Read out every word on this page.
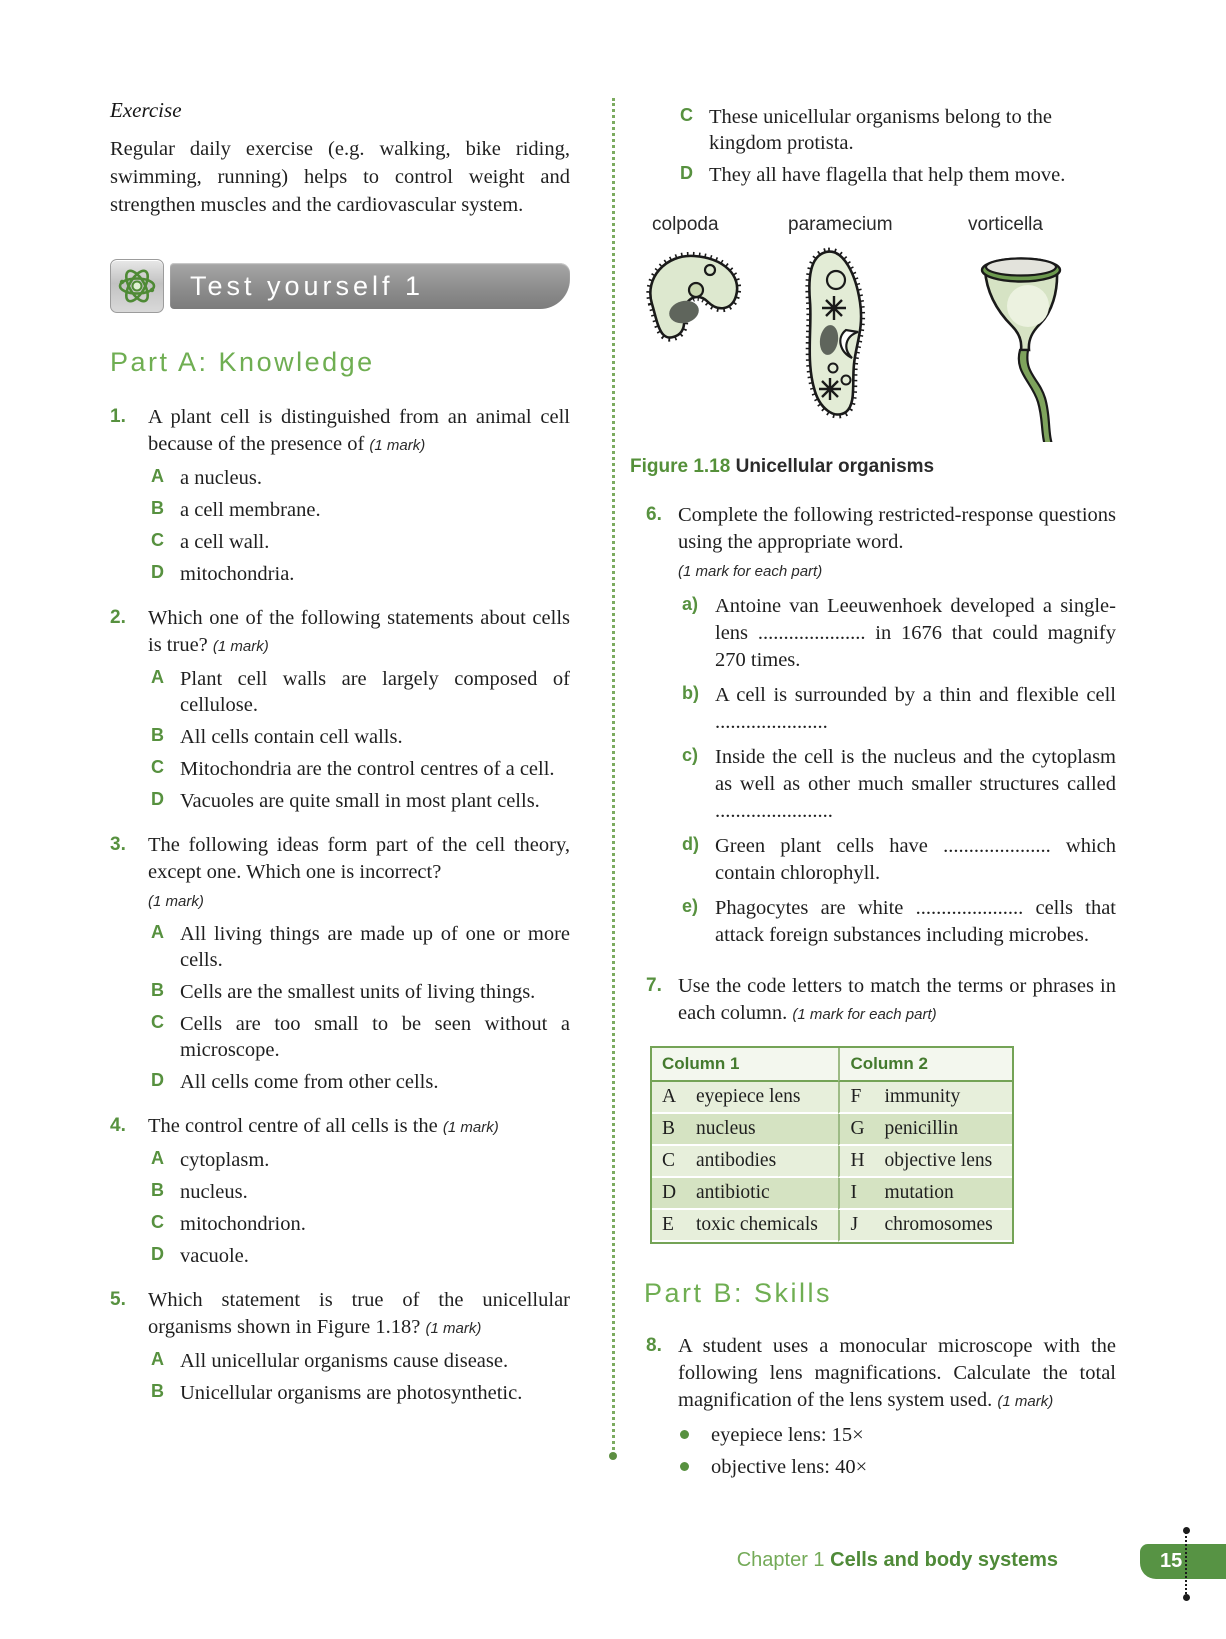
Exercise

Regular daily exercise (e.g. walking, bike riding, swimming, running) helps to control weight and strengthen muscles and the cardiovascular system.

Test yourself 1
Part A: Knowledge
1.	A plant cell is distinguished from an animal cell because of the presence of (1 mark)
A a nucleus.
B a cell membrane.
C a cell wall.
D mitochondria.
2.	Which one of the following statements about cells is true? (1 mark)
A Plant cell walls are largely composed of cellulose.
B All cells contain cell walls.
C Mitochondria are the control centres of a cell.
D Vacuoles are quite small in most plant cells.
3.	The following ideas form part of the cell theory, except one. Which one is incorrect?
(1 mark)
A All living things are made up of one or more cells.
B Cells are the smallest units of living things.
C Cells are too small to be seen without a microscope.
D All cells come from other cells.
4.	The control centre of all cells is the (1 mark)
A cytoplasm.
B nucleus.
C mitochondrion.
D vacuole.
5.	Which statement is true of the unicellular organisms shown in Figure 1.18? (1 mark)
A All unicellular organisms cause disease.
B Unicellular organisms are photosynthetic.
C These unicellular organisms belong to the kingdom protista.
D They all have flagella that help them move.
colpoda	paramecium	vorticella
Figure 1.18 Unicellular organisms
6. Complete the following restricted-response questions using the appropriate word.
(1 mark for each part)
a) Antoine van Leeuwenhoek developed a single-lens ..................... in 1676 that could magnify 270 times.
b) A cell is surrounded by a thin and flexible cell ......................
c) Inside the cell is the nucleus and the cytoplasm as well as other much smaller structures called .......................
d) Green plant cells have ..................... which contain chlorophyll.
e) Phagocytes are white ..................... cells that attack foreign substances including microbes.
7. Use the code letters to match the terms or phrases in each column. (1 mark for each part)
Column 1	Column 2
A eyepiece lens	F immunity
B nucleus	G penicillin
C antibodies	H objective lens
D antibiotic	I mutation
E toxic chemicals	J chromosomes
Part B: Skills
8. A student uses a monocular microscope with the following lens magnifications. Calculate the total magnification of the lens system used. (1 mark)
eyepiece lens: 15×
objective lens: 40×
Chapter 1 Cells and body systems	15
